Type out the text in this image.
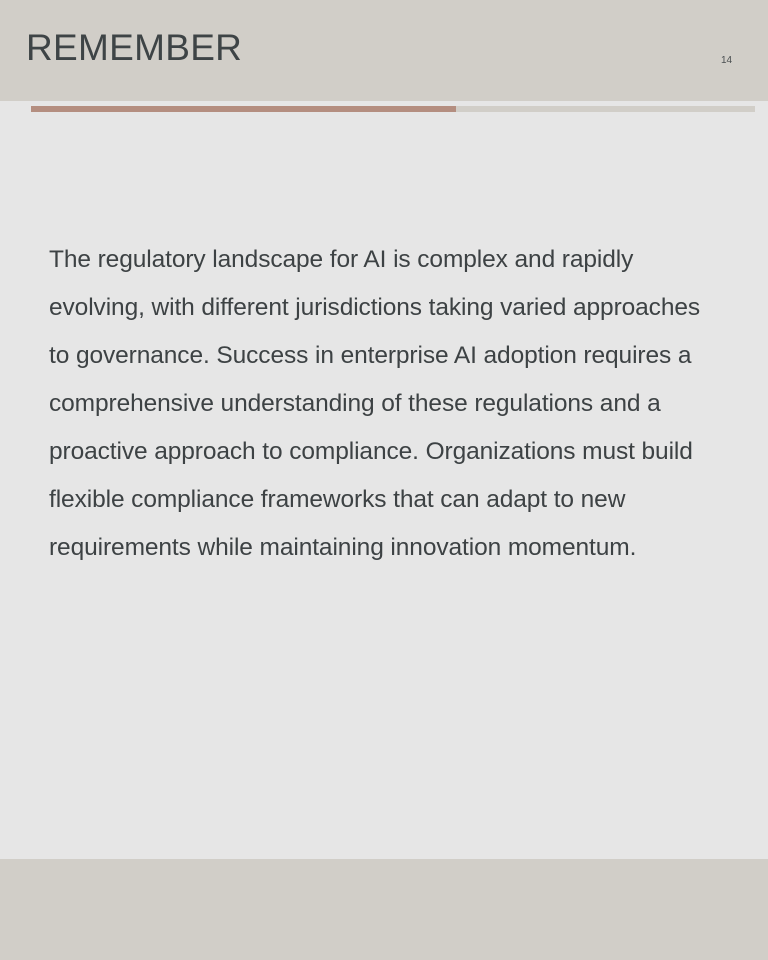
REMEMBER	14

The regulatory landscape for AI is complex and rapidly evolving, with different jurisdictions taking varied approaches to governance. Success in enterprise AI adoption requires a comprehensive understanding of these regulations and a proactive approach to compliance. Organizations must build flexible compliance frameworks that can adapt to new requirements while maintaining innovation momentum.
